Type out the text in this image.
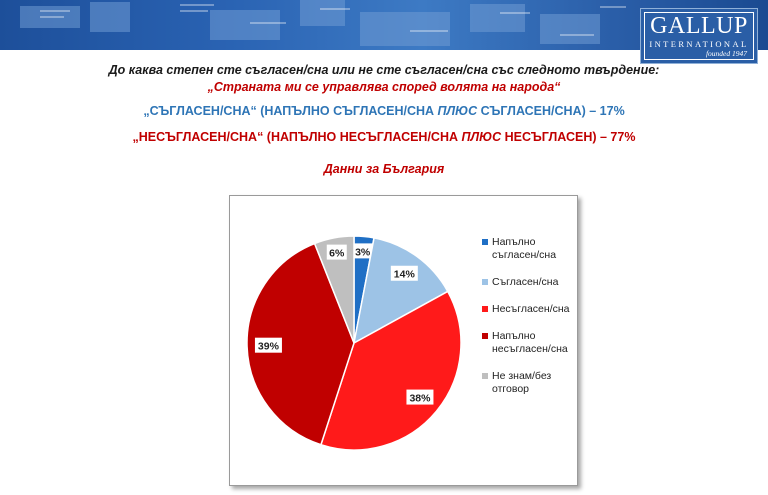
GALLUP
INTERNATIONAL
founded 1947
До каква степен сте съгласен/сна или не сте съгласен/сна със следното твърдение:
„Страната ми се управлява според волята на народа“
„СЪГЛАСЕН/СНА“ (НАПЪЛНО СЪГЛАСЕН/СНА ПЛЮС СЪГЛАСЕН/СНА) – 17%
„НЕСЪГЛАСЕН/СНА“ (НАПЪЛНО НЕСЪГЛАСЕН/СНА ПЛЮС НЕСЪГЛАСЕН) – 77%
Данни за България
3%
14%
38%
39%
6%
Напълно съгласен/сна
Съгласен/сна
Несъгласен/сна
Напълно несъгласен/сна
Не знам/без отговор
